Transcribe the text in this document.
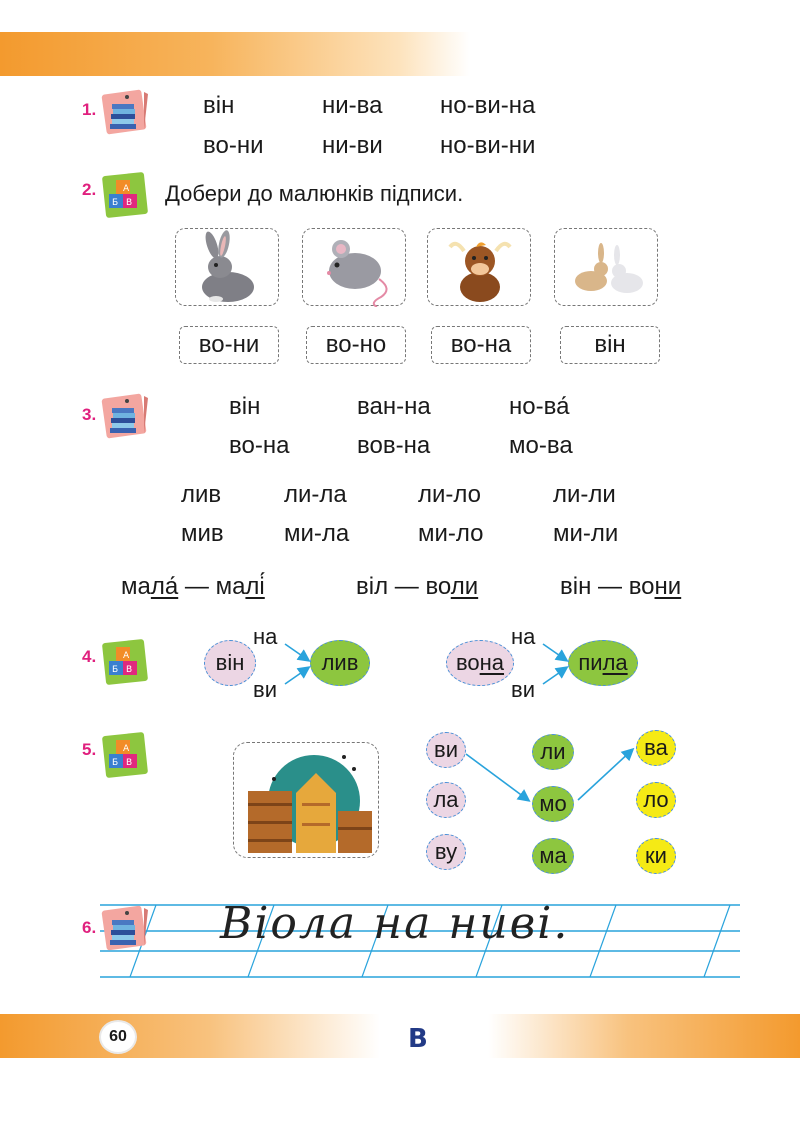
60	В
1.	він	ни-ва но-ви-на
во-ни ни-ви но-ви-ни
2.	А
Б В Добери до малюнків підписи.
во-ни	во-но	во-на	він
3.	він	ван-на	но-ва́
во-на	вов-на	мо-ва
лив	ли-ла	ли-ло	ли-ли
мив	ми-ла	ми-ло	ми-ли
мала́ — малі́	віл — воли	він — вони
4.	А
Б В	він
на
ви
лив	вона
на
ви
пила
5.	А
Б В
ви
ла
ву
ли
мо
ма
ва
ло
ки
6.	Віола на ниві.
